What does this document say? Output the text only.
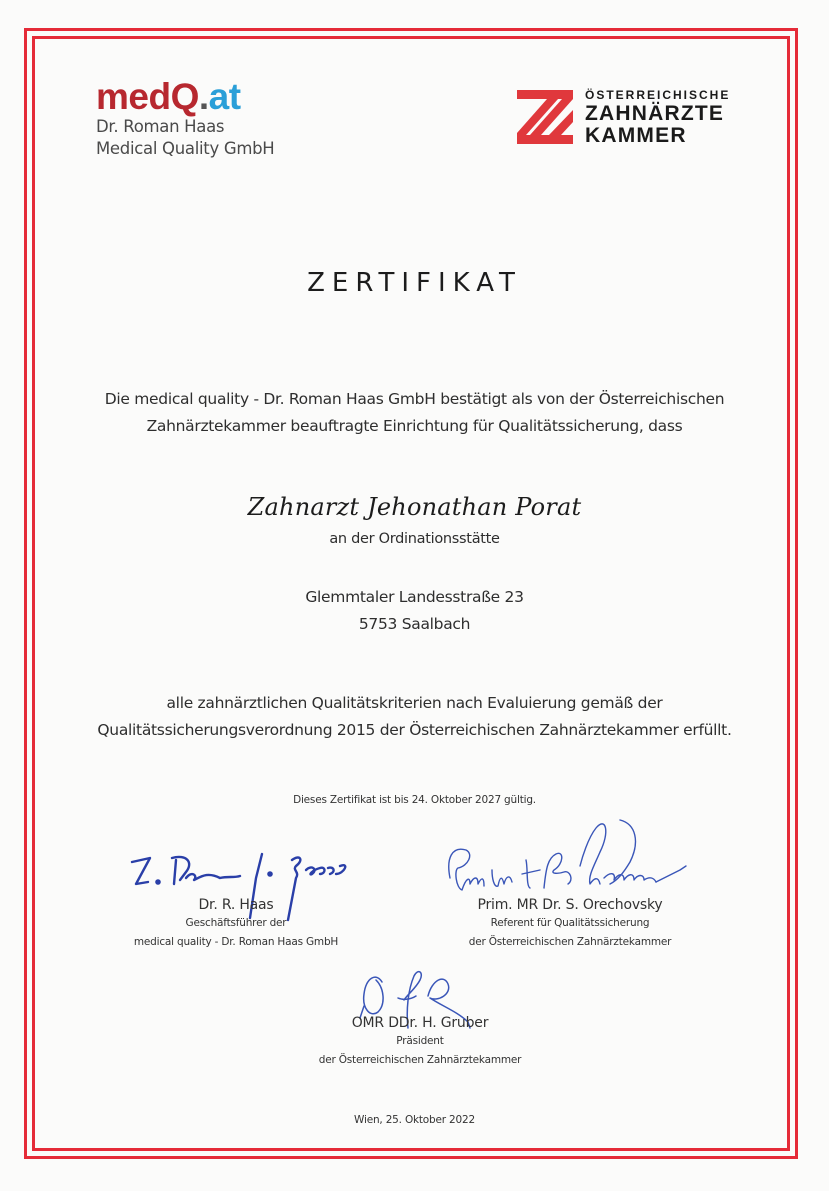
medQ.at
Dr. Roman Haas
Medical Quality GmbH
ÖSTERREICHISCHE
ZAHNÄRZTE
KAMMER
ZERTIFIKAT
Die medical quality - Dr. Roman Haas GmbH bestätigt als von der Österreichischen
Zahnärztekammer beauftragte Einrichtung für Qualitätssicherung, dass
Zahnarzt Jehonathan Porat
an der Ordinationsstätte
Glemmtaler Landesstraße 23
5753 Saalbach
alle zahnärztlichen Qualitätskriterien nach Evaluierung gemäß der
Qualitätssicherungsverordnung 2015 der Österreichischen Zahnärztekammer erfüllt.
Dieses Zertifikat ist bis 24. Oktober 2027 gültig.
Dr. R. Haas
Geschäftsführer der
medical quality - Dr. Roman Haas GmbH
Prim. MR Dr. S. Orechovsky
Referent für Qualitätssicherung
der Österreichischen Zahnärztekammer
OMR DDr. H. Gruber
Präsident
der Österreichischen Zahnärztekammer
Wien, 25. Oktober 2022
